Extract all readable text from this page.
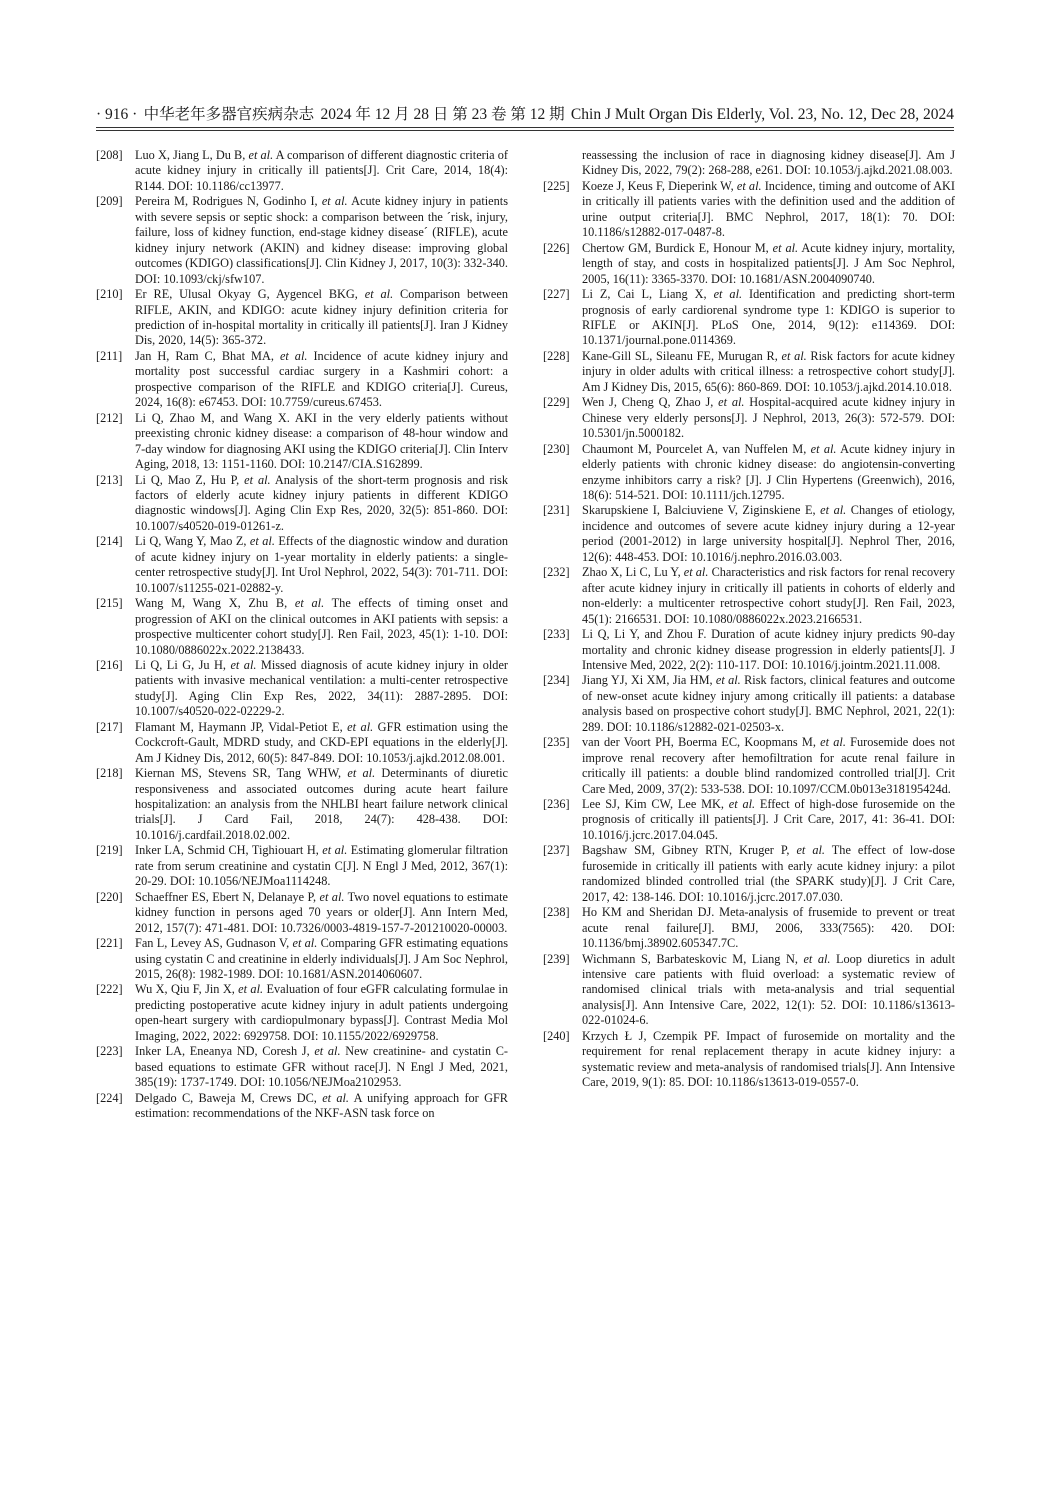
· 916 · 中华老年多器官疾病杂志 2024 年 12 月 28 日 第 23 卷 第 12 期 Chin J Mult Organ Dis Elderly, Vol. 23, No. 12, Dec 28, 2024
[208] Luo X, Jiang L, Du B, et al. A comparison of different diagnostic criteria of acute kidney injury in critically ill patients[J]. Crit Care, 2014, 18(4): R144. DOI: 10.1186/cc13977.
[209] Pereira M, Rodrigues N, Godinho I, et al. Acute kidney injury in patients with severe sepsis or septic shock: a comparison between the ´risk, injury, failure, loss of kidney function, end-stage kidney disease´ (RIFLE), acute kidney injury network (AKIN) and kidney disease: improving global outcomes (KDIGO) classifications[J]. Clin Kidney J, 2017, 10(3): 332-340. DOI: 10.1093/ckj/sfw107.
[210] Er RE, Ulusal Okyay G, Aygencel BKG, et al. Comparison between RIFLE, AKIN, and KDIGO: acute kidney injury definition criteria for prediction of in-hospital mortality in critically ill patients[J]. Iran J Kidney Dis, 2020, 14(5): 365-372.
[211] Jan H, Ram C, Bhat MA, et al. Incidence of acute kidney injury and mortality post successful cardiac surgery in a Kashmiri cohort: a prospective comparison of the RIFLE and KDIGO criteria[J]. Cureus, 2024, 16(8): e67453. DOI: 10.7759/cureus.67453.
[212] Li Q, Zhao M, and Wang X. AKI in the very elderly patients without preexisting chronic kidney disease: a comparison of 48-hour window and 7-day window for diagnosing AKI using the KDIGO criteria[J]. Clin Interv Aging, 2018, 13: 1151-1160. DOI: 10.2147/CIA.S162899.
[213] Li Q, Mao Z, Hu P, et al. Analysis of the short-term prognosis and risk factors of elderly acute kidney injury patients in different KDIGO diagnostic windows[J]. Aging Clin Exp Res, 2020, 32(5): 851-860. DOI: 10.1007/s40520-019-01261-z.
[214] Li Q, Wang Y, Mao Z, et al. Effects of the diagnostic window and duration of acute kidney injury on 1-year mortality in elderly patients: a single-center retrospective study[J]. Int Urol Nephrol, 2022, 54(3): 701-711. DOI: 10.1007/s11255-021-02882-y.
[215] Wang M, Wang X, Zhu B, et al. The effects of timing onset and progression of AKI on the clinical outcomes in AKI patients with sepsis: a prospective multicenter cohort study[J]. Ren Fail, 2023, 45(1): 1-10. DOI: 10.1080/0886022x.2022.2138433.
[216] Li Q, Li G, Ju H, et al. Missed diagnosis of acute kidney injury in older patients with invasive mechanical ventilation: a multi-center retrospective study[J]. Aging Clin Exp Res, 2022, 34(11): 2887-2895. DOI: 10.1007/s40520-022-02229-2.
[217] Flamant M, Haymann JP, Vidal-Petiot E, et al. GFR estimation using the Cockcroft-Gault, MDRD study, and CKD-EPI equations in the elderly[J]. Am J Kidney Dis, 2012, 60(5): 847-849. DOI: 10.1053/j.ajkd.2012.08.001.
[218] Kiernan MS, Stevens SR, Tang WHW, et al. Determinants of diuretic responsiveness and associated outcomes during acute heart failure hospitalization: an analysis from the NHLBI heart failure network clinical trials[J]. J Card Fail, 2018, 24(7): 428-438. DOI: 10.1016/j.cardfail.2018.02.002.
[219] Inker LA, Schmid CH, Tighiouart H, et al. Estimating glomerular filtration rate from serum creatinine and cystatin C[J]. N Engl J Med, 2012, 367(1): 20-29. DOI: 10.1056/NEJMoa1114248.
[220] Schaeffner ES, Ebert N, Delanaye P, et al. Two novel equations to estimate kidney function in persons aged 70 years or older[J]. Ann Intern Med, 2012, 157(7): 471-481. DOI: 10.7326/0003-4819-157-7-201210020-00003.
[221] Fan L, Levey AS, Gudnason V, et al. Comparing GFR estimating equations using cystatin C and creatinine in elderly individuals[J]. J Am Soc Nephrol, 2015, 26(8): 1982-1989. DOI: 10.1681/ASN.2014060607.
[222] Wu X, Qiu F, Jin X, et al. Evaluation of four eGFR calculating formulae in predicting postoperative acute kidney injury in adult patients undergoing open-heart surgery with cardiopulmonary bypass[J]. Contrast Media Mol Imaging, 2022, 2022: 6929758. DOI: 10.1155/2022/6929758.
[223] Inker LA, Eneanya ND, Coresh J, et al. New creatinine- and cystatin C-based equations to estimate GFR without race[J]. N Engl J Med, 2021, 385(19): 1737-1749. DOI: 10.1056/NEJMoa2102953.
[224] Delgado C, Baweja M, Crews DC, et al. A unifying approach for GFR estimation: recommendations of the NKF-ASN task force on
reassessing the inclusion of race in diagnosing kidney disease[J]. Am J Kidney Dis, 2022, 79(2): 268-288, e261. DOI: 10.1053/j.ajkd.2021.08.003.
[225] Koeze J, Keus F, Dieperink W, et al. Incidence, timing and outcome of AKI in critically ill patients varies with the definition used and the addition of urine output criteria[J]. BMC Nephrol, 2017, 18(1): 70. DOI: 10.1186/s12882-017-0487-8.
[226] Chertow GM, Burdick E, Honour M, et al. Acute kidney injury, mortality, length of stay, and costs in hospitalized patients[J]. J Am Soc Nephrol, 2005, 16(11): 3365-3370. DOI: 10.1681/ASN.2004090740.
[227] Li Z, Cai L, Liang X, et al. Identification and predicting short-term prognosis of early cardiorenal syndrome type 1: KDIGO is superior to RIFLE or AKIN[J]. PLoS One, 2014, 9(12): e114369. DOI: 10.1371/journal.pone.0114369.
[228] Kane-Gill SL, Sileanu FE, Murugan R, et al. Risk factors for acute kidney injury in older adults with critical illness: a retrospective cohort study[J]. Am J Kidney Dis, 2015, 65(6): 860-869. DOI: 10.1053/j.ajkd.2014.10.018.
[229] Wen J, Cheng Q, Zhao J, et al. Hospital-acquired acute kidney injury in Chinese very elderly persons[J]. J Nephrol, 2013, 26(3): 572-579. DOI: 10.5301/jn.5000182.
[230] Chaumont M, Pourcelet A, van Nuffelen M, et al. Acute kidney injury in elderly patients with chronic kidney disease: do angiotensin-converting enzyme inhibitors carry a risk? [J]. J Clin Hypertens (Greenwich), 2016, 18(6): 514-521. DOI: 10.1111/jch.12795.
[231] Skarupskiene I, Balciuviene V, Ziginskiene E, et al. Changes of etiology, incidence and outcomes of severe acute kidney injury during a 12-year period (2001-2012) in large university hospital[J]. Nephrol Ther, 2016, 12(6): 448-453. DOI: 10.1016/j.nephro.2016.03.003.
[232] Zhao X, Li C, Lu Y, et al. Characteristics and risk factors for renal recovery after acute kidney injury in critically ill patients in cohorts of elderly and non-elderly: a multicenter retrospective cohort study[J]. Ren Fail, 2023, 45(1): 2166531. DOI: 10.1080/0886022x.2023.2166531.
[233] Li Q, Li Y, and Zhou F. Duration of acute kidney injury predicts 90-day mortality and chronic kidney disease progression in elderly patients[J]. J Intensive Med, 2022, 2(2): 110-117. DOI: 10.1016/j.jointm.2021.11.008.
[234] Jiang YJ, Xi XM, Jia HM, et al. Risk factors, clinical features and outcome of new-onset acute kidney injury among critically ill patients: a database analysis based on prospective cohort study[J]. BMC Nephrol, 2021, 22(1): 289. DOI: 10.1186/s12882-021-02503-x.
[235] van der Voort PH, Boerma EC, Koopmans M, et al. Furosemide does not improve renal recovery after hemofiltration for acute renal failure in critically ill patients: a double blind randomized controlled trial[J]. Crit Care Med, 2009, 37(2): 533-538. DOI: 10.1097/CCM.0b013e318195424d.
[236] Lee SJ, Kim CW, Lee MK, et al. Effect of high-dose furosemide on the prognosis of critically ill patients[J]. J Crit Care, 2017, 41: 36-41. DOI: 10.1016/j.jcrc.2017.04.045.
[237] Bagshaw SM, Gibney RTN, Kruger P, et al. The effect of low-dose furosemide in critically ill patients with early acute kidney injury: a pilot randomized blinded controlled trial (the SPARK study)[J]. J Crit Care, 2017, 42: 138-146. DOI: 10.1016/j.jcrc.2017.07.030.
[238] Ho KM and Sheridan DJ. Meta-analysis of frusemide to prevent or treat acute renal failure[J]. BMJ, 2006, 333(7565): 420. DOI: 10.1136/bmj.38902.605347.7C.
[239] Wichmann S, Barbateskovic M, Liang N, et al. Loop diuretics in adult intensive care patients with fluid overload: a systematic review of randomised clinical trials with meta-analysis and trial sequential analysis[J]. Ann Intensive Care, 2022, 12(1): 52. DOI: 10.1186/s13613-022-01024-6.
[240] Krzych Ł J, Czempik PF. Impact of furosemide on mortality and the requirement for renal replacement therapy in acute kidney injury: a systematic review and meta-analysis of randomised trials[J]. Ann Intensive Care, 2019, 9(1): 85. DOI: 10.1186/s13613-019-0557-0.
